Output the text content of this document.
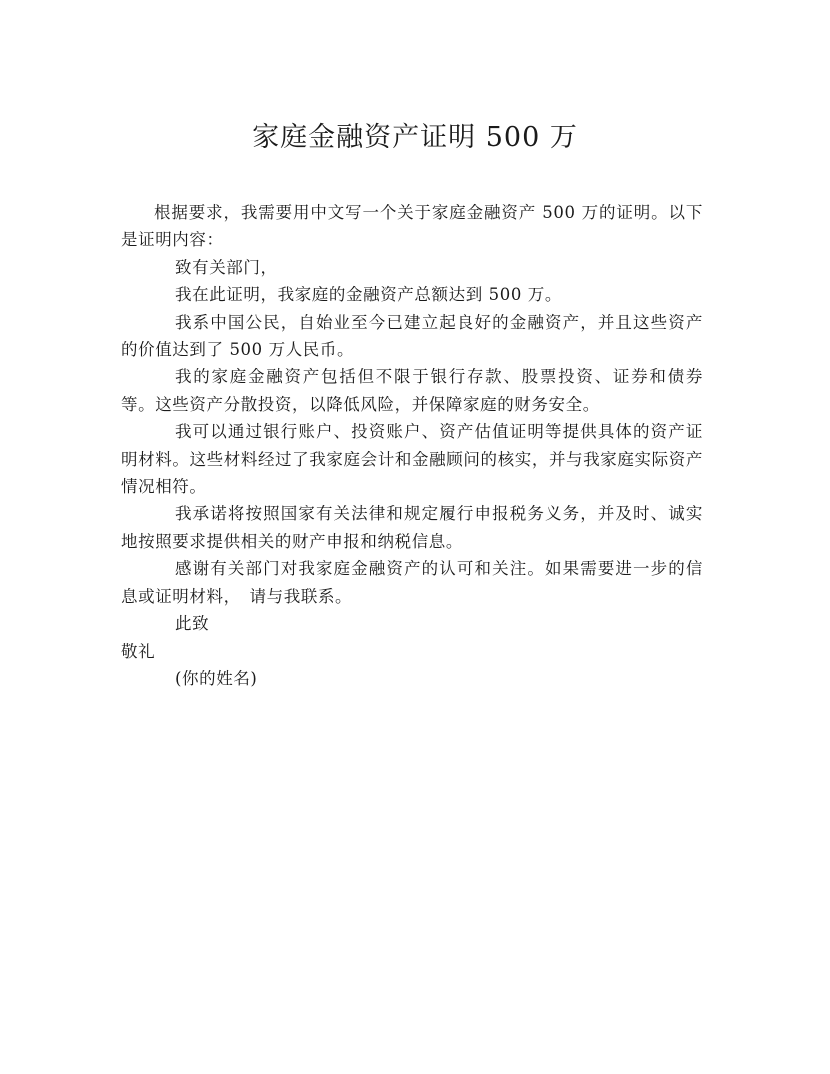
家庭金融资产证明 500 万

根据要求，我需要用中文写一个关于家庭金融资产 500 万的证明。以下是证明内容：

致有关部门，

我在此证明，我家庭的金融资产总额达到 500 万。

我系中国公民，自始业至今已建立起良好的金融资产，并且这些资产的价值达到了 500 万人民币。

我的家庭金融资产包括但不限于银行存款、股票投资、证券和债券等。这些资产分散投资，以降低风险，并保障家庭的财务安全。

我可以通过银行账户、投资账户、资产估值证明等提供具体的资产证明材料。这些材料经过了我家庭会计和金融顾问的核实，并与我家庭实际资产情况相符。

我承诺将按照国家有关法律和规定履行申报税务义务，并及时、诚实地按照要求提供相关的财产申报和纳税信息。

感谢有关部门对我家庭金融资产的认可和关注。如果需要进一步的信息或证明材料，　请与我联系。

此致

敬礼

(你的姓名)
